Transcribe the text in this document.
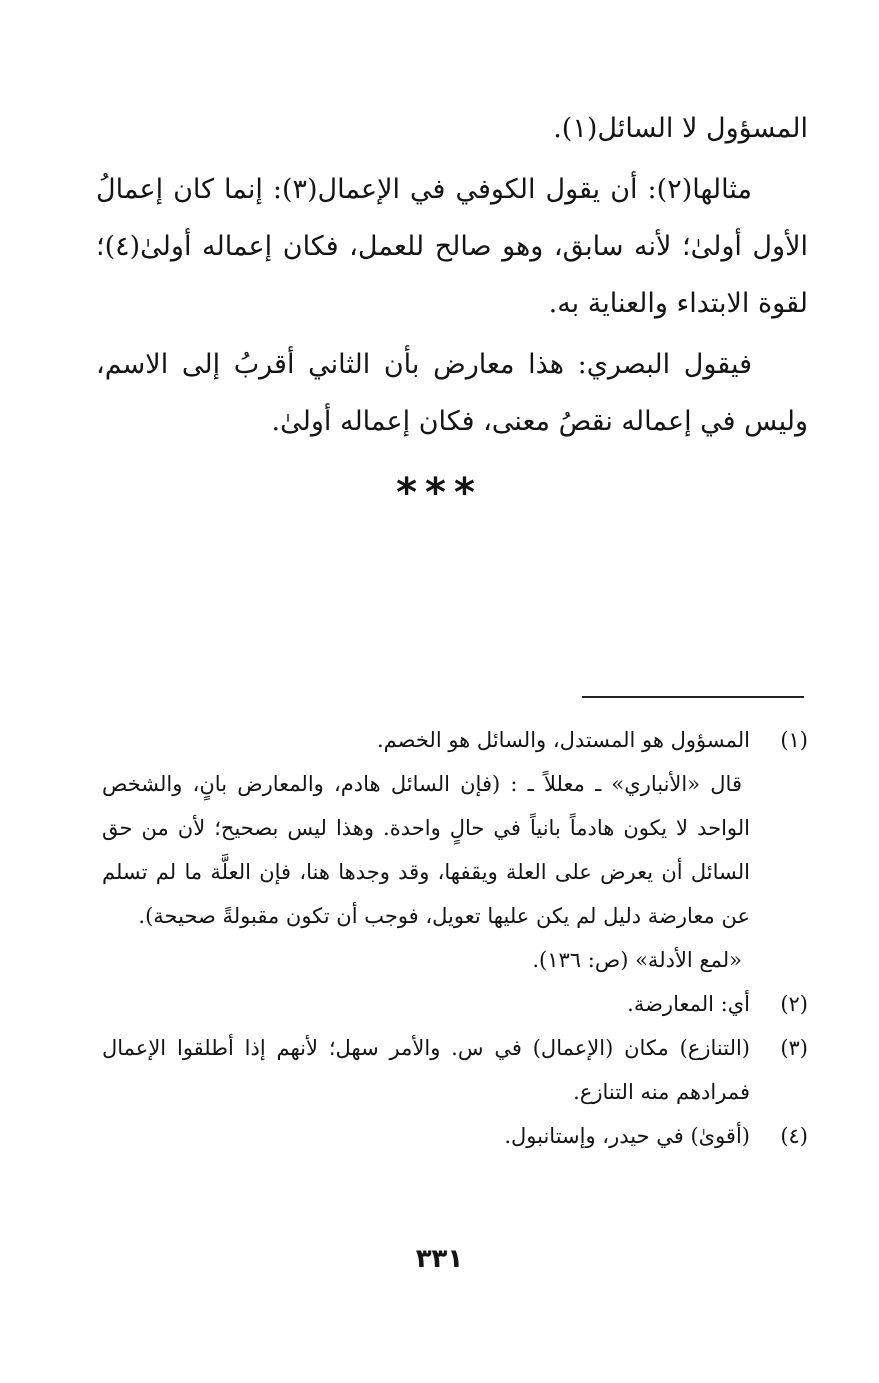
المسؤول لا السائل(١).

مثالها(٢): أن يقول الكوفي في الإعمال(٣): إنما كان إعمالُ الأول أولىٰ؛ لأنه سابق، وهو صالح للعمل، فكان إعماله أولىٰ(٤)؛ لقوة الابتداء والعناية به.

فيقول البصري: هذا معارض بأن الثاني أقربُ إلى الاسم، وليس في إعماله نقصُ معنى، فكان إعماله أولىٰ.

***

(١)
المسؤول هو المستدل، والسائل هو الخصم.

قال «الأنباري» ـ معللاً ـ : (فإن السائل هادم، والمعارض بانٍ، والشخص الواحد لا يكون هادماً بانياً في حالٍ واحدة. وهذا ليس بصحيح؛ لأن من حق السائل أن يعرض على العلة ويقفها، وقد وجدها هنا، فإن العلَّة ما لم تسلم عن معارضة دليل لم يكن عليها تعويل، فوجب أن تكون مقبولةً صحيحة).

«لمع الأدلة» (ص: ١٣٦).

(٢)
أي: المعارضة.

(٣)
(التنازع) مكان (الإعمال) في س. والأمر سهل؛ لأنهم إذا أطلقوا الإعمال فمرادهم منه التنازع.

(٤)
(أقوىٰ) في حيدر، وإستانبول.

٣٣١
